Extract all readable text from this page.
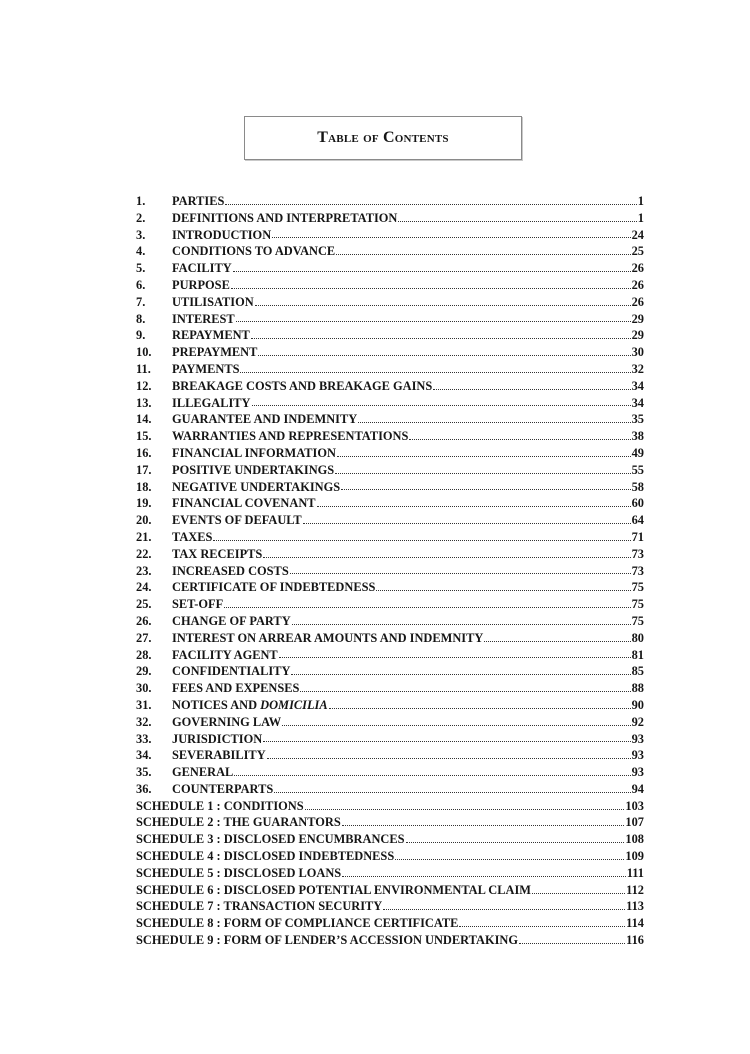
Table of Contents
1.	PARTIES	1
2.	DEFINITIONS AND INTERPRETATION	1
3.	INTRODUCTION	24
4.	CONDITIONS TO ADVANCE	25
5.	FACILITY	26
6.	PURPOSE	26
7.	UTILISATION	26
8.	INTEREST	29
9.	REPAYMENT	29
10.	PREPAYMENT	30
11.	PAYMENTS	32
12.	BREAKAGE COSTS AND BREAKAGE GAINS	34
13.	ILLEGALITY	34
14.	GUARANTEE AND INDEMNITY	35
15.	WARRANTIES AND REPRESENTATIONS	38
16.	FINANCIAL INFORMATION	49
17.	POSITIVE UNDERTAKINGS	55
18.	NEGATIVE UNDERTAKINGS	58
19.	FINANCIAL COVENANT	60
20.	EVENTS OF DEFAULT	64
21.	TAXES	71
22.	TAX RECEIPTS	73
23.	INCREASED COSTS	73
24.	CERTIFICATE OF INDEBTEDNESS	75
25.	SET-OFF	75
26.	CHANGE OF PARTY	75
27.	INTEREST ON ARREAR AMOUNTS AND INDEMNITY	80
28.	FACILITY AGENT	81
29.	CONFIDENTIALITY	85
30.	FEES AND EXPENSES	88
31.	NOTICES AND DOMICILIA	90
32.	GOVERNING LAW	92
33.	JURISDICTION	93
34.	SEVERABILITY	93
35.	GENERAL	93
36.	COUNTERPARTS	94
SCHEDULE 1 : CONDITIONS	103
SCHEDULE 2 : THE GUARANTORS	107
SCHEDULE 3 : DISCLOSED ENCUMBRANCES	108
SCHEDULE 4 : DISCLOSED INDEBTEDNESS	109
SCHEDULE 5 : DISCLOSED LOANS	111
SCHEDULE 6 : DISCLOSED POTENTIAL ENVIRONMENTAL CLAIM	112
SCHEDULE 7 : TRANSACTION SECURITY	113
SCHEDULE 8 : FORM OF COMPLIANCE CERTIFICATE	114
SCHEDULE 9 : FORM OF LENDER’S ACCESSION UNDERTAKING	116
